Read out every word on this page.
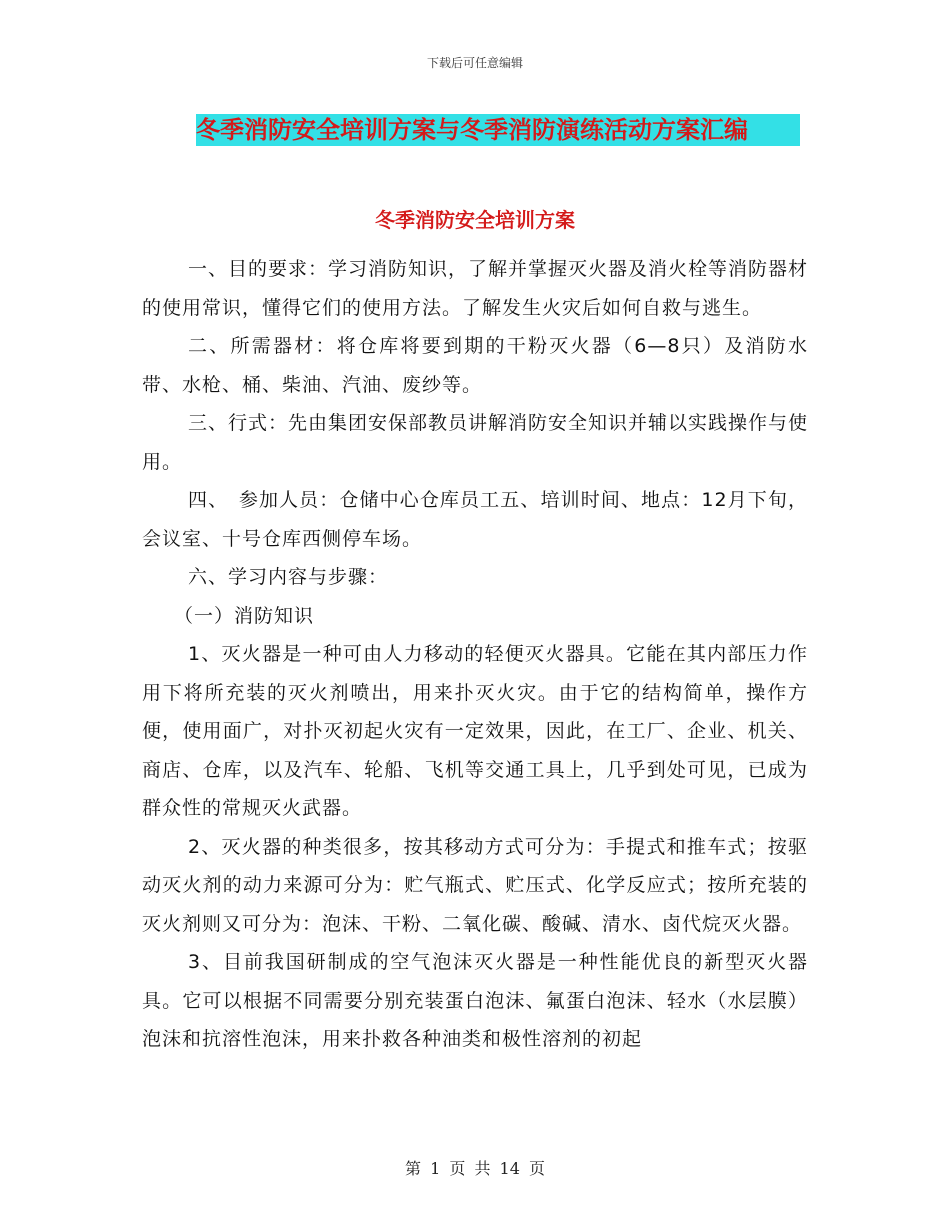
下载后可任意编辑
冬季消防安全培训方案与冬季消防演练活动方案汇编
冬季消防安全培训方案

一、目的要求：学习消防知识，了解并掌握灭火器及消火栓等消防器材的使用常识，懂得它们的使用方法。了解发生火灾后如何自救与逃生。

二、所需器材：将仓库将要到期的干粉灭火器（6—8只）及消防水带、水枪、桶、柴油、汽油、废纱等。

三、行式：先由集团安保部教员讲解消防安全知识并辅以实践操作与使用。

四、　参加人员：仓储中心仓库员工五、培训时间、地点：12月下旬，会议室、十号仓库西侧停车场。

六、学习内容与步骤：

（一）消防知识

1、灭火器是一种可由人力移动的轻便灭火器具。它能在其内部压力作用下将所充装的灭火剂喷出，用来扑灭火灾。由于它的结构简单，操作方便，使用面广，对扑灭初起火灾有一定效果，因此，在工厂、企业、机关、商店、仓库，以及汽车、轮船、飞机等交通工具上，几乎到处可见，已成为群众性的常规灭火武器。

2、灭火器的种类很多，按其移动方式可分为：手提式和推车式；按驱动灭火剂的动力来源可分为：贮气瓶式、贮压式、化学反应式；按所充装的灭火剂则又可分为：泡沫、干粉、二氧化碳、酸碱、清水、卤代烷灭火器。

3、目前我国研制成的空气泡沫灭火器是一种性能优良的新型灭火器具。它可以根据不同需要分别充装蛋白泡沫、氟蛋白泡沫、轻水（水层膜）泡沫和抗溶性泡沫，用来扑救各种油类和极性溶剂的初起

第 1 页 共 14 页
